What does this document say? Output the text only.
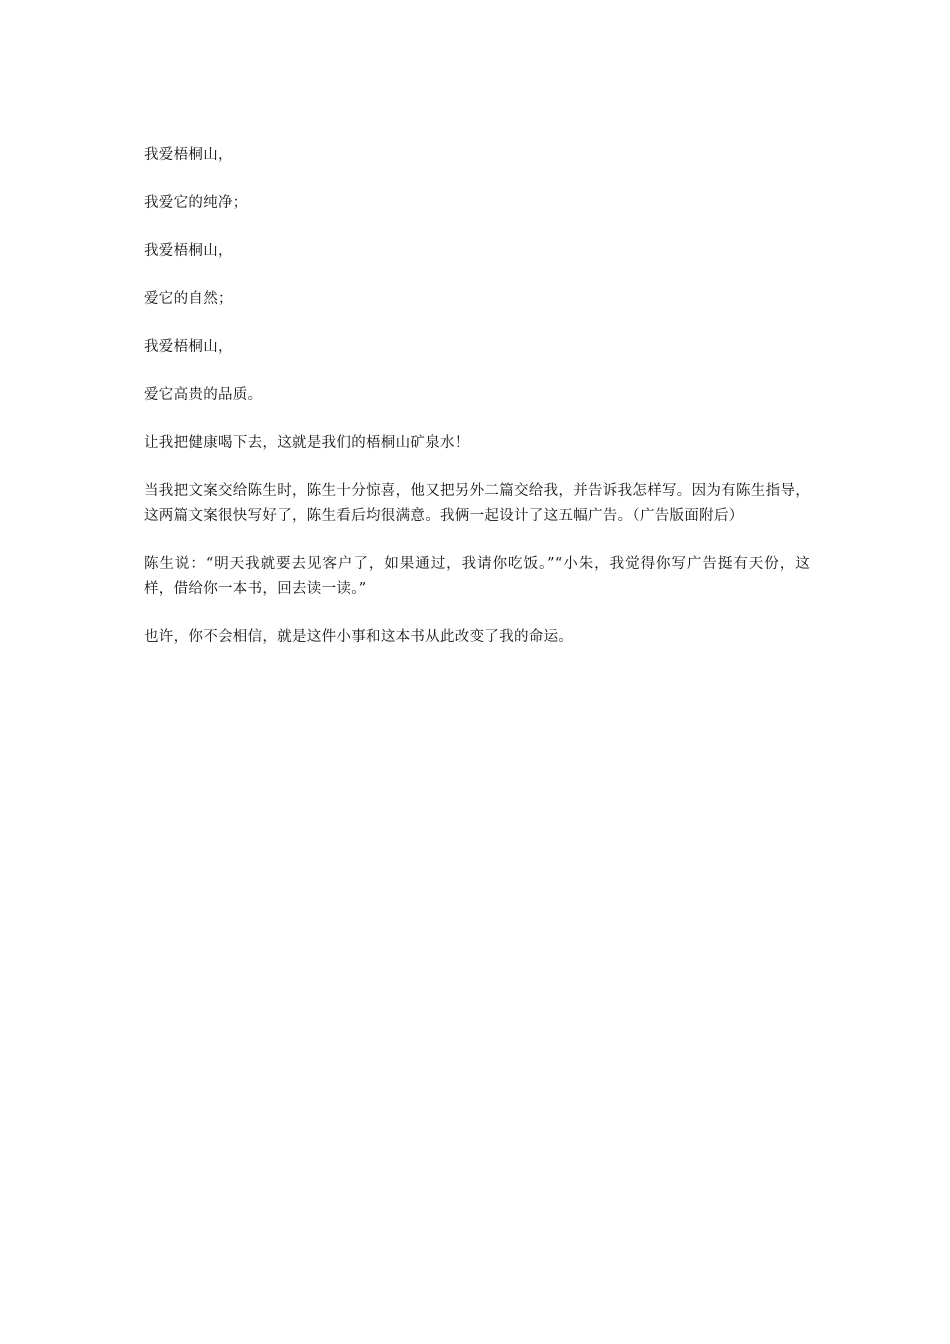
我爱梧桐山，

我爱它的纯净；

我爱梧桐山，

爱它的自然；

我爱梧桐山，

爱它高贵的品质。

让我把健康喝下去，这就是我们的梧桐山矿泉水！

当我把文案交给陈生时，陈生十分惊喜，他又把另外二篇交给我，并告诉我怎样写。因为有陈生指导，这两篇文案很快写好了，陈生看后均很满意。我俩一起设计了这五幅广告。（广告版面附后）

陈生说：“明天我就要去见客户了，如果通过，我请你吃饭。”“小朱，我觉得你写广告挺有天份，这样，借给你一本书，回去读一读。”

也许，你不会相信，就是这件小事和这本书从此改变了我的命运。
